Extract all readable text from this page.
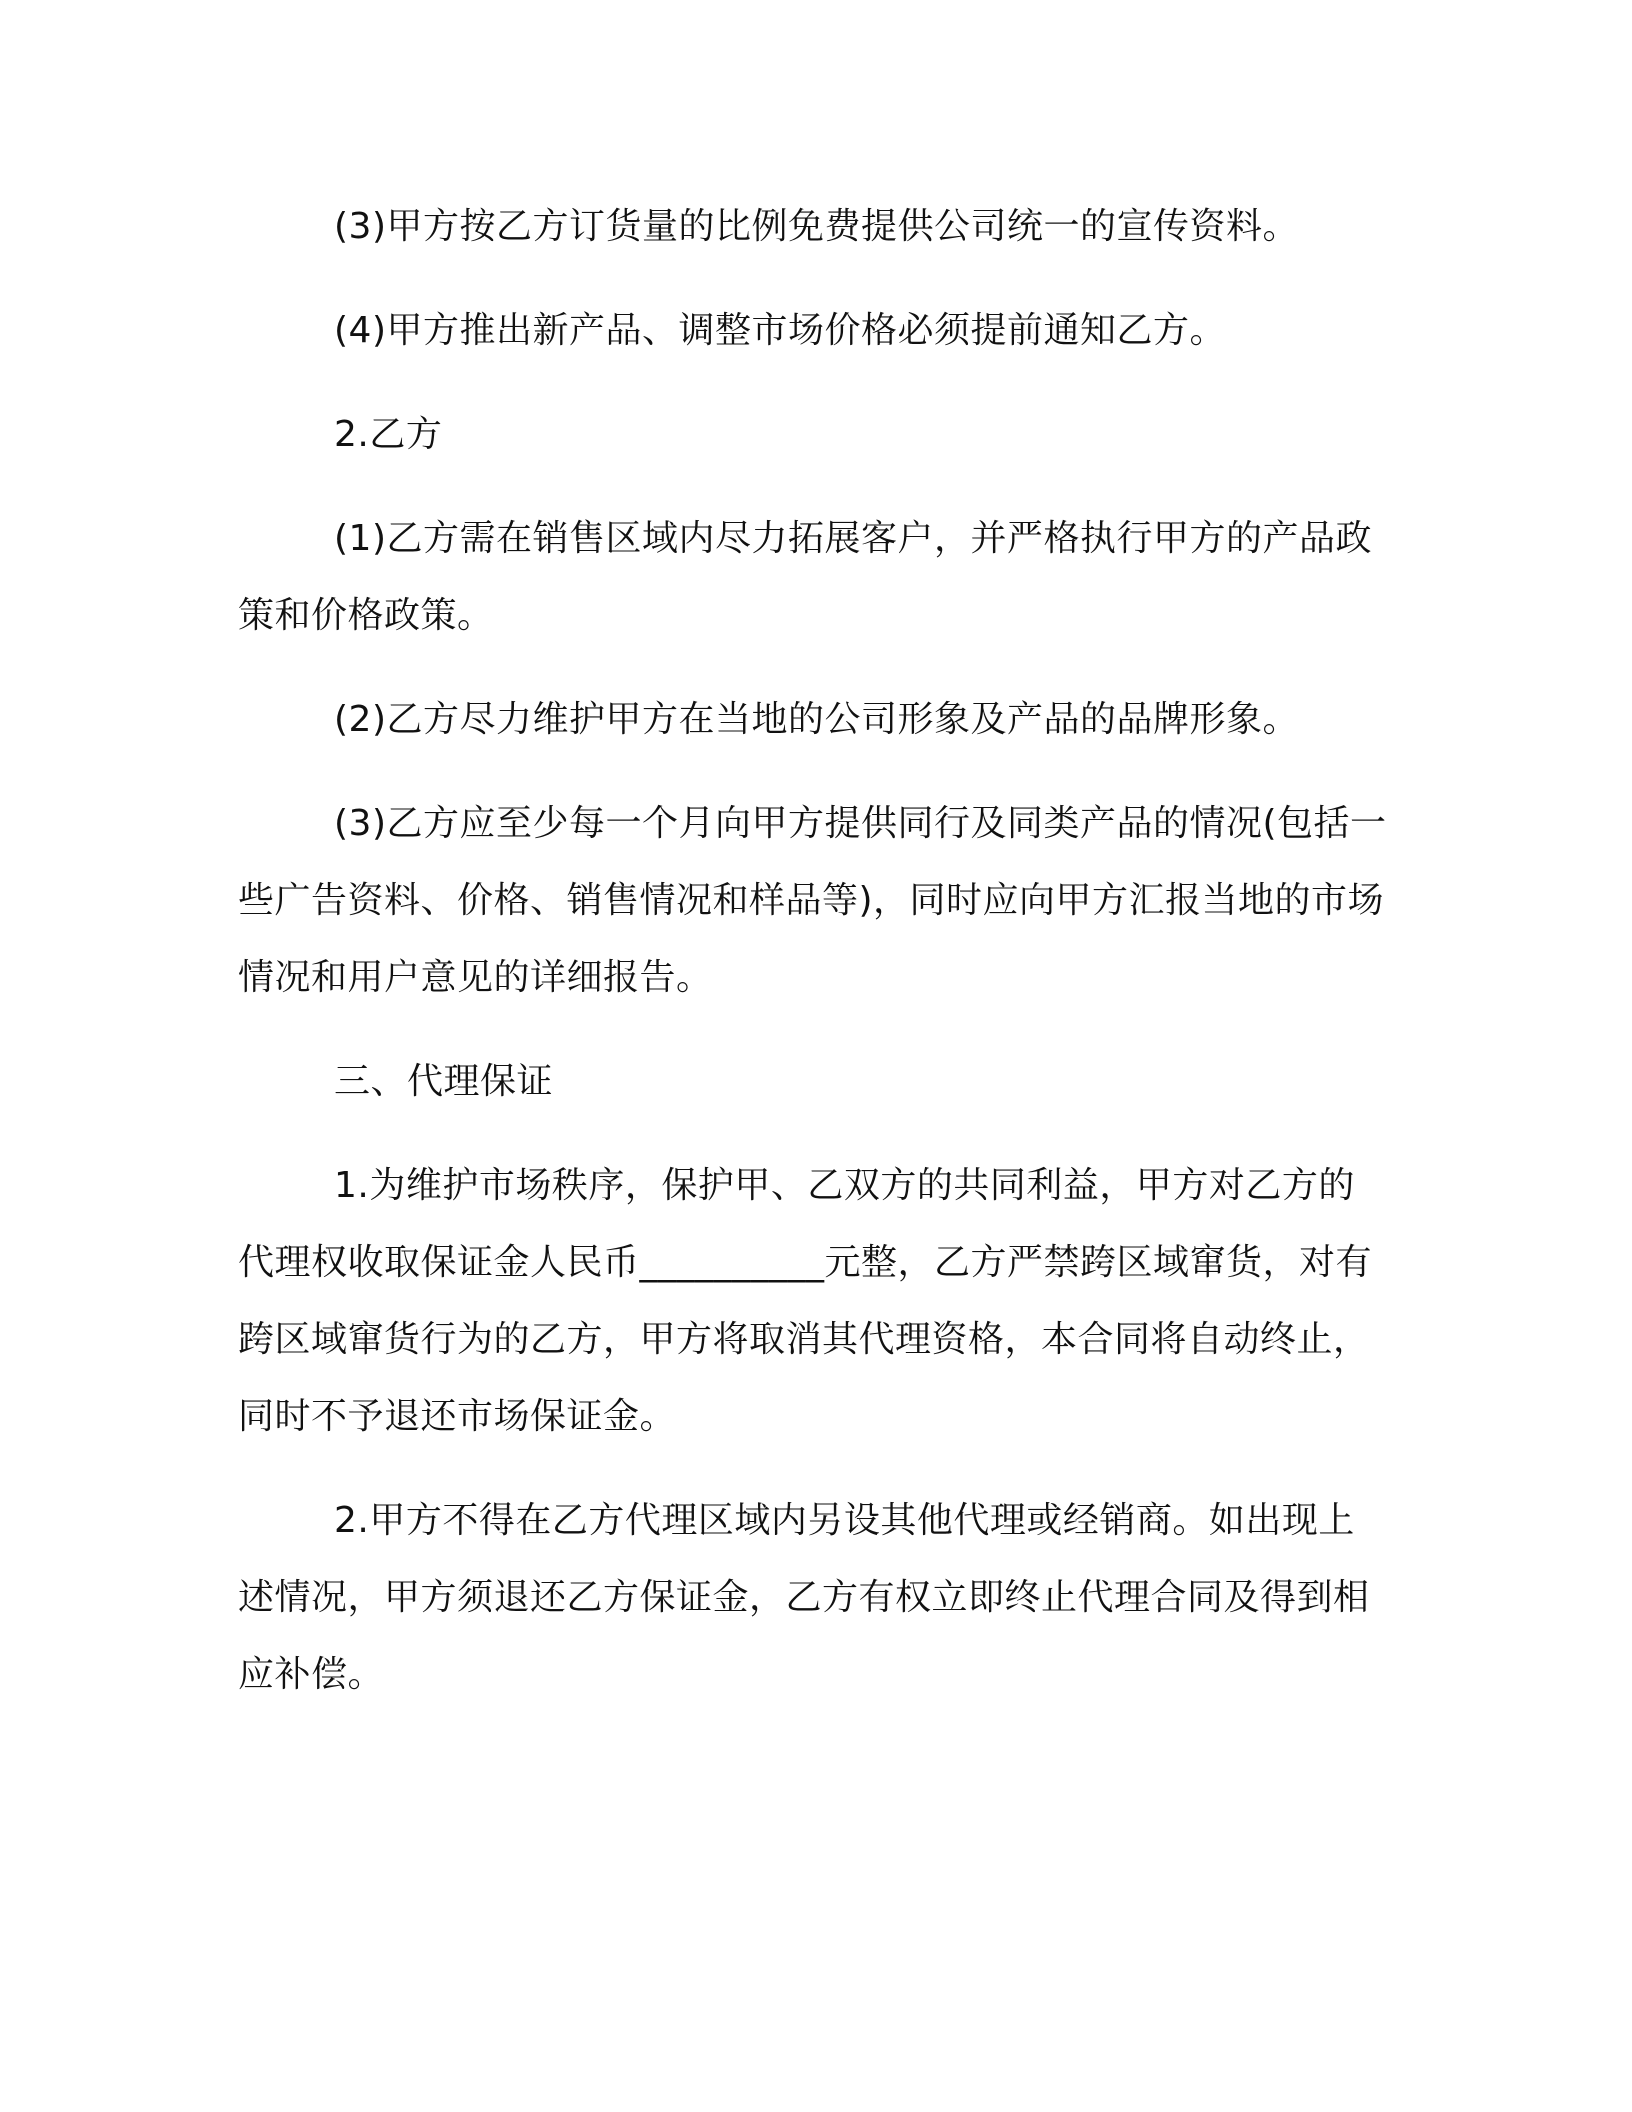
(3)甲方按乙方订货量的比例免费提供公司统一的宣传资料。

(4)甲方推出新产品、调整市场价格必须提前通知乙方。

2.乙方

(1)乙方需在销售区域内尽力拓展客户，并严格执行甲方的产品政策和价格政策。

(2)乙方尽力维护甲方在当地的公司形象及产品的品牌形象。

(3)乙方应至少每一个月向甲方提供同行及同类产品的情况(包括一些广告资料、价格、销售情况和样品等)，同时应向甲方汇报当地的市场情况和用户意见的详细报告。

三、代理保证

1.为维护市场秩序，保护甲、乙双方的共同利益，甲方对乙方的代理权收取保证金人民币__________元整，乙方严禁跨区域窜货，对有跨区域窜货行为的乙方，甲方将取消其代理资格，本合同将自动终止，同时不予退还市场保证金。

2.甲方不得在乙方代理区域内另设其他代理或经销商。如出现上述情况，甲方须退还乙方保证金，乙方有权立即终止代理合同及得到相应补偿。
